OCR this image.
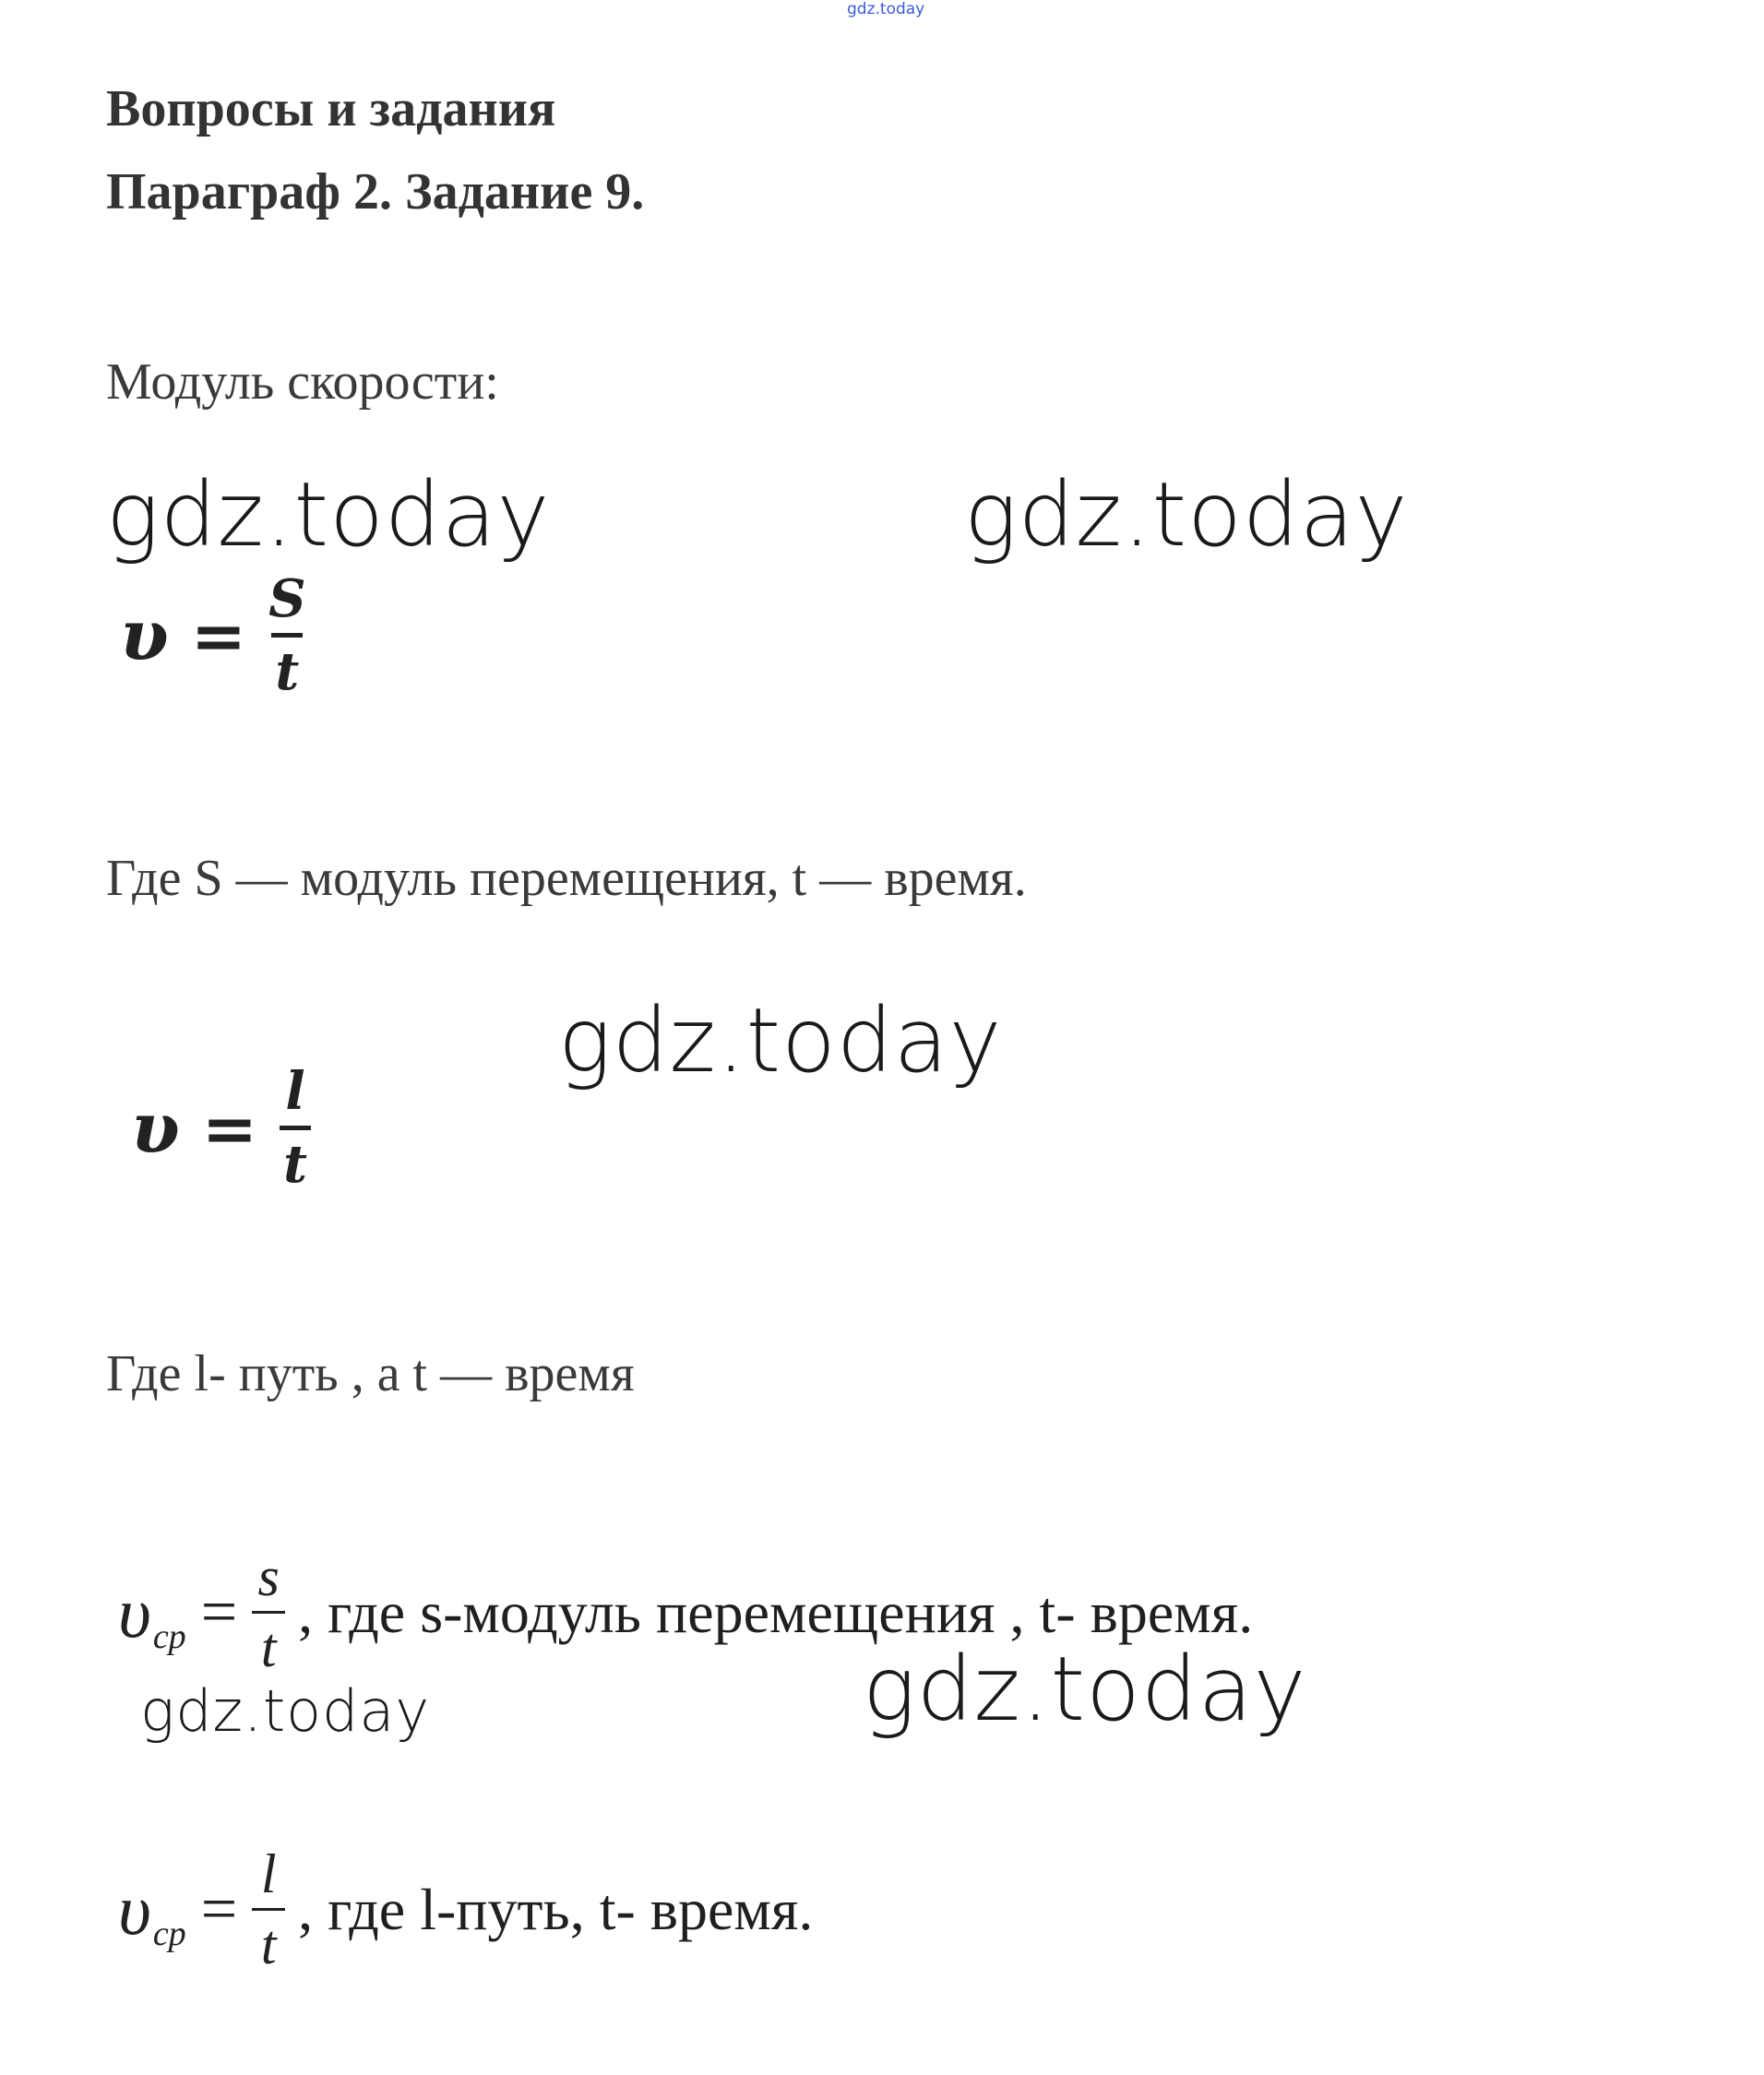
gdz.today
Вопросы и задания
Параграф 2. Задание 9.
Модуль скорости:
gdz.today	gdz.today
υ = S
t
Где S — модуль перемещения, t — время.
gdz.today
υ = l
t
Где l- путь , а t — время
υ ср = $\frac{s}{t}$ , где s-модуль перемещения , t- время.
gdz.today	gdz.today
υ ср = $\frac{l}{t}$ , где l-путь, t- время.
